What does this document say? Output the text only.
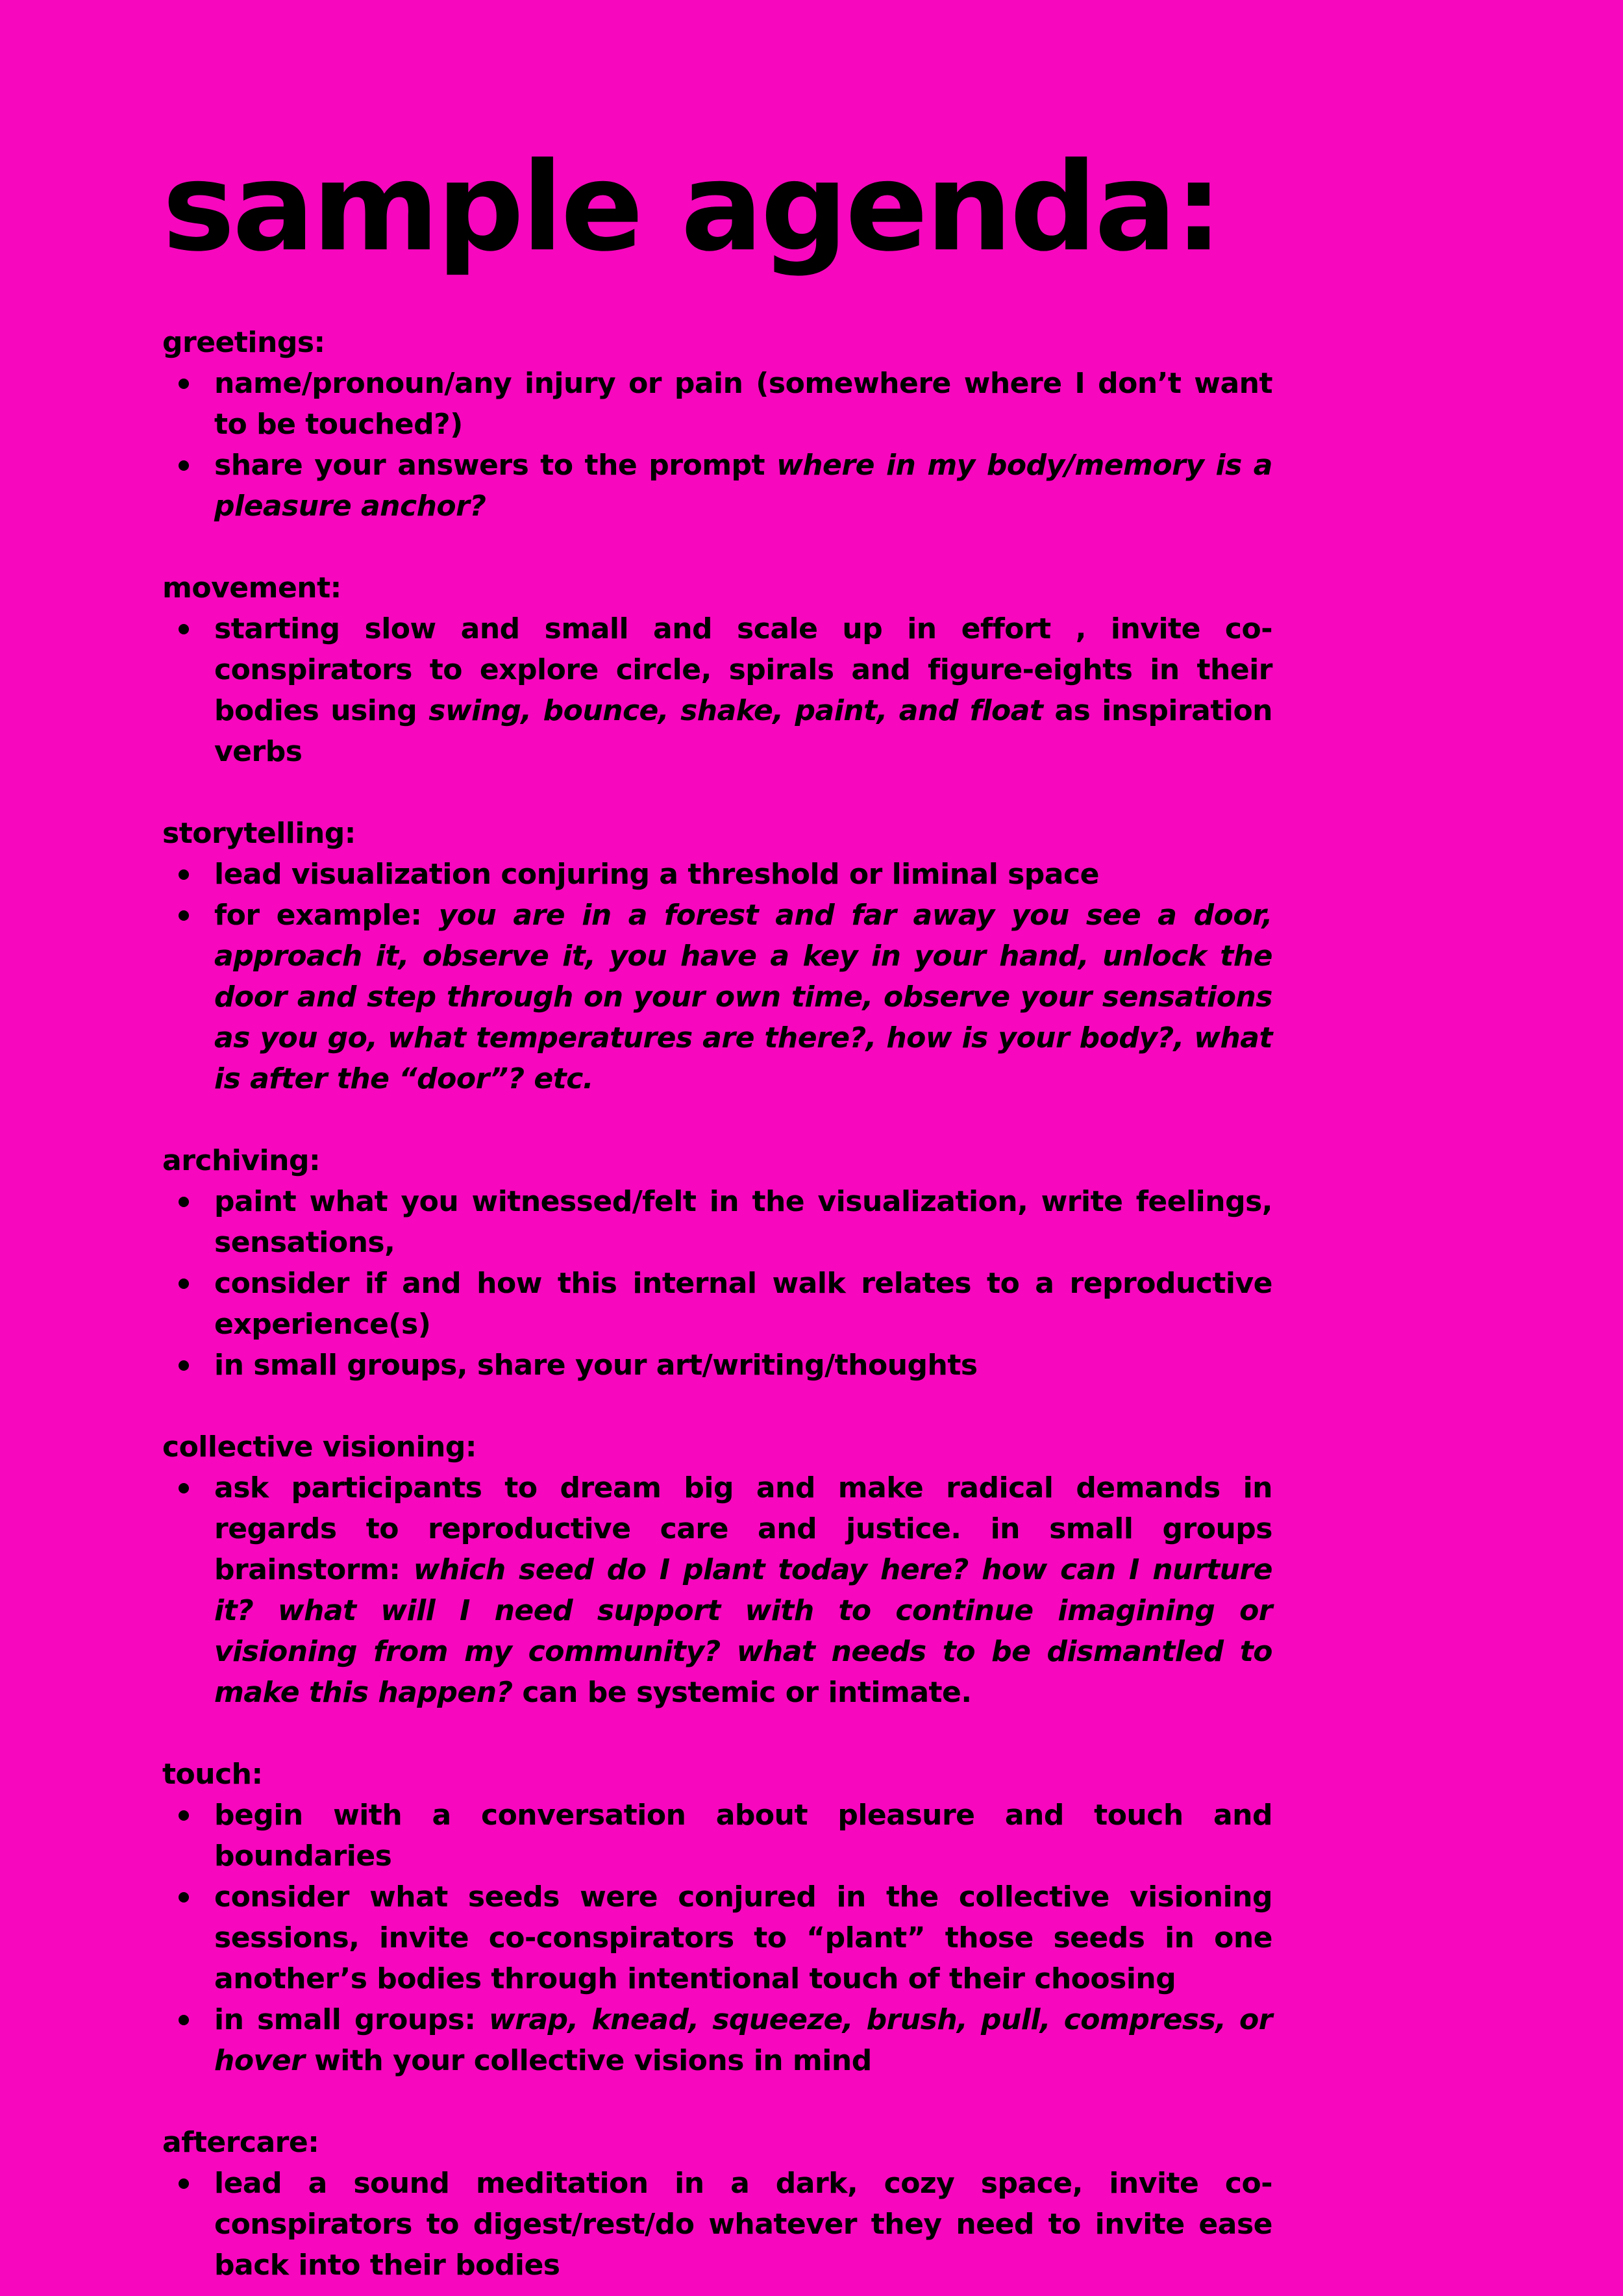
sample agenda:
greetings:
name/pronoun/any injury or pain (somewhere where I don’t want to be touched?)
share your answers to the prompt where in my body/memory is a pleasure anchor?
movement:
starting slow and small and scale up in effort , invite co-conspirators to explore circle, spirals and figure-eights in their bodies using swing, bounce, shake, paint, and float as inspiration verbs
storytelling:
lead visualization conjuring a threshold or liminal space
for example: you are in a forest and far away you see a door, approach it, observe it, you have a key in your hand, unlock the door and step through on your own time, observe your sensations as you go, what temperatures are there?, how is your body?, what is after the “door”? etc.
archiving:
paint what you witnessed/felt in the visualization, write feelings, sensations,
consider if and how this internal walk relates to a reproductive experience(s)
in small groups, share your art/writing/thoughts
collective visioning:
ask participants to dream big and make radical demands in regards to reproductive care and justice. in small groups brainstorm: which seed do I plant today here? how can I nurture it? what will I need support with to continue imagining or visioning from my community? what needs to be dismantled to make this happen? can be systemic or intimate.
touch:
begin with a conversation about pleasure and touch and boundaries
consider what seeds were conjured in the collective visioning sessions, invite co-conspirators to “plant” those seeds in one another’s bodies through intentional touch of their choosing
in small groups: wrap, knead, squeeze, brush, pull, compress, or hover with your collective visions in mind
aftercare:
lead a sound meditation in a dark, cozy space, invite co-conspirators to digest/rest/do whatever they need to invite ease back into their bodies
